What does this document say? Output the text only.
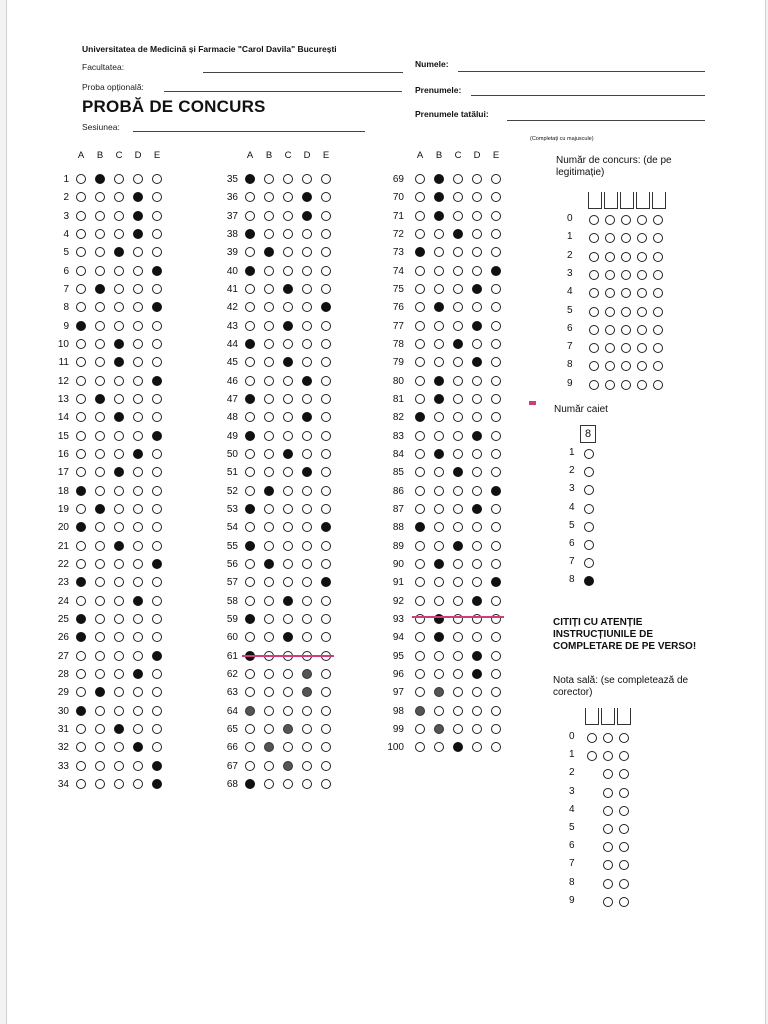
Universitatea de Medicină și Farmacie "Carol Davila" București
Facultatea:
Proba opțională:
PROBĂ DE CONCURS
Sesiunea:
Numele:
Prenumele:
Prenumele tatălui:
(Completați cu majuscule)
A B C D E	A B C D E	A B C D E
1
2
3
4
5
6
7
8
9
10
11
12
13
14
15
16
17
18
19
20
21
22
23
24
25
26
27
28
29
30
31
32
33
34
35
36
37
38
39
40
41
42
43
44
45
46
47
48
49
50
51
52
53
54
55
56
57
58
59
60
61
62
63
64
65
66
67
68
69
70
71
72
73
74
75
76
77
78
79
80
81
82
83
84
85
86
87
88
89
90
91
92
93
94
95
96
97
98
99
100
Număr de concurs: (de pe legitimație)
0
1
2
3
4
5
6
7
8
9
Număr caiet
8
1
2
3
4
5
6
7
8
CITIȚI CU ATENȚIE INSTRUCȚIUNILE DE COMPLETARE DE PE VERSO!
Nota sală: (se completează de corector)
0
1
2
3
4
5
6
7
8
9
